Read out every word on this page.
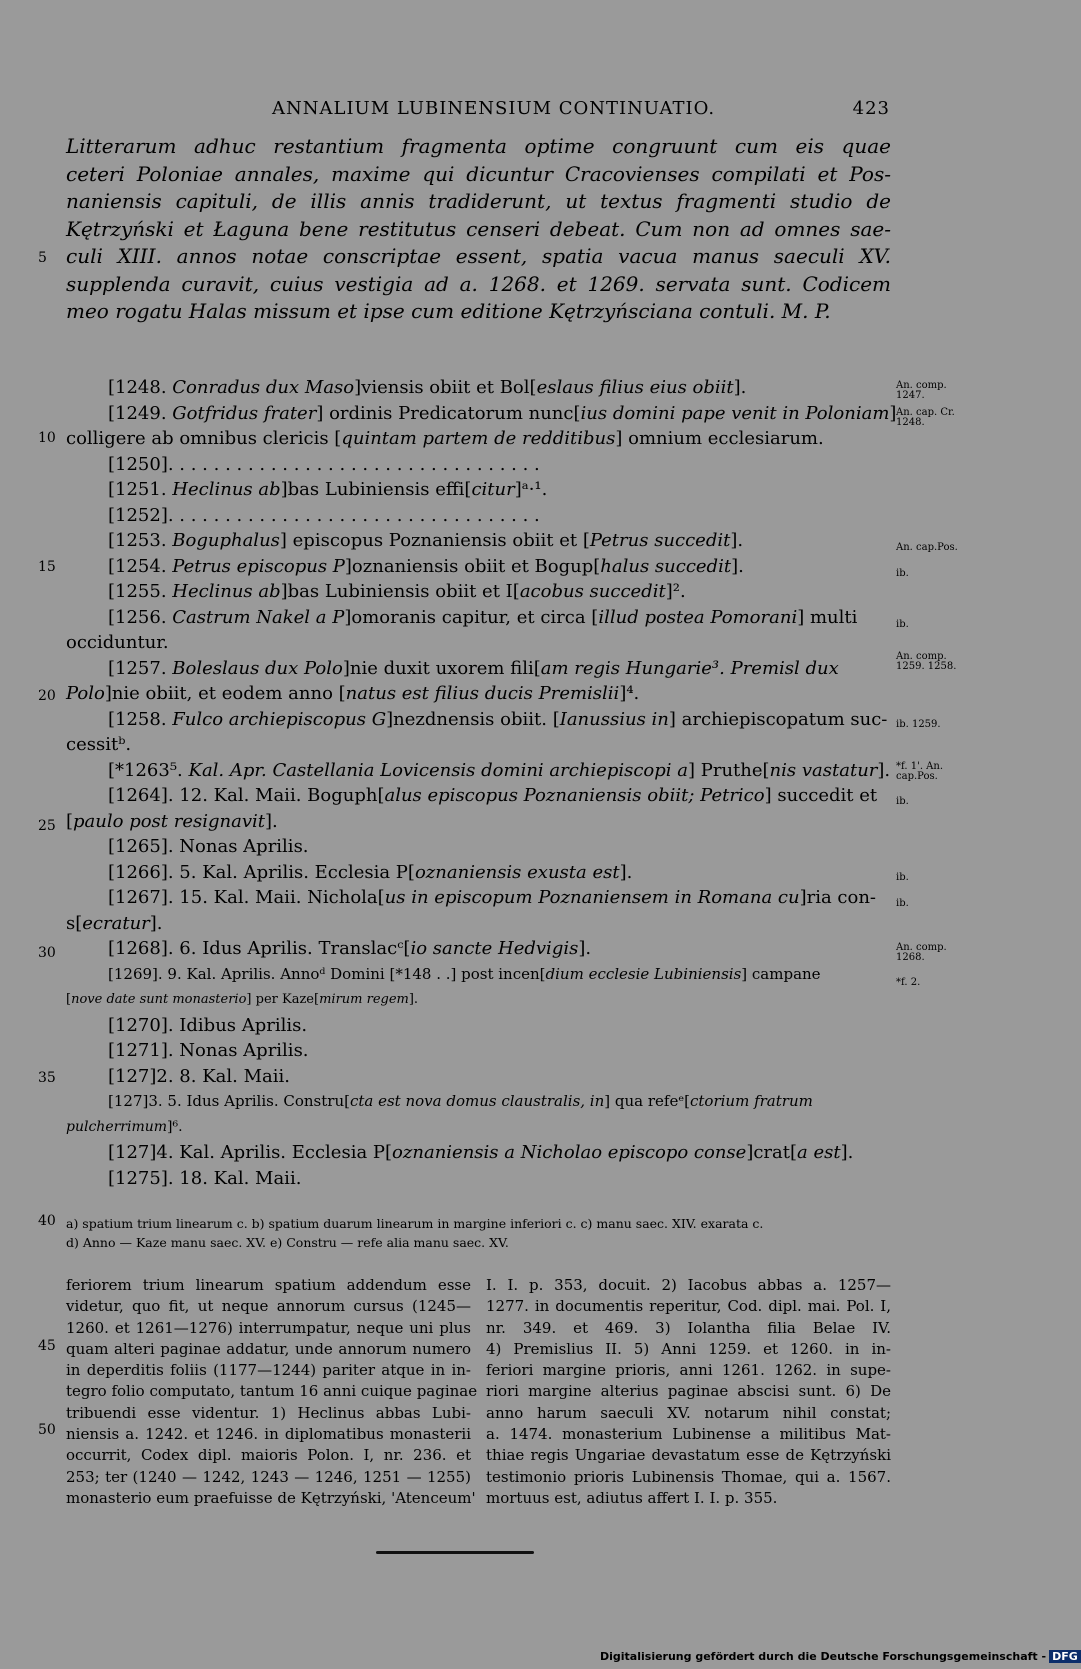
ANNALIUM LUBINENSIUM CONTINUATIO.	423
Litterarum adhuc restantium fragmenta optime congruunt cum eis quae
ceteri Poloniae annales, maxime qui dicuntur Cracovienses compilati et Pos-
naniensis capituli, de illis annis tradiderunt, ut textus fragmenti studio de
Kętrzyński et Łaguna bene restitutus censeri debeat. Cum non ad omnes sae-
culi XIII. annos notae conscriptae essent, spatia vacua manus saeculi XV.
supplenda curavit, cuius vestigia ad a. 1268. et 1269. servata sunt. Codicem
meo rogatu Halas missum et ipse cum editione Kętrzyńsciana contuli. M. P.
5
10
15
20
25
30
35
40
45
50
[1248. Conradus dux Maso]viensis obiit et Bol[eslaus filius eius obiit].
[1249. Gotfridus frater] ordinis Predicatorum nunc[ius domini pape venit in Poloniam]
colligere ab omnibus clericis [quintam partem de redditibus] omnium ecclesiarum.
[1250]. . . . . . . . . . . . . . . . . . . . . . . . . . . . . . . . .
[1251. Heclinus ab]bas Lubiniensis effi[citur]ᵃ·¹.
[1252]. . . . . . . . . . . . . . . . . . . . . . . . . . . . . . . . .
[1253. Boguphalus] episcopus Poznaniensis obiit et [Petrus succedit].
[1254. Petrus episcopus P]oznaniensis obiit et Bogup[halus succedit].
[1255. Heclinus ab]bas Lubiniensis obiit et I[acobus succedit]².
[1256. Castrum Nakel a P]omoranis capitur, et circa [illud postea Pomorani] multi
occiduntur.
[1257. Boleslaus dux Polo]nie duxit uxorem fili[am regis Hungarie³. Premisl dux
Polo]nie obiit, et eodem anno [natus est filius ducis Premislii]⁴.
[1258. Fulco archiepiscopus G]nezdnensis obiit. [Ianussius in] archiepiscopatum suc-
cessitᵇ.
[*1263⁵. Kal. Apr. Castellania Lovicensis domini archiepiscopi a] Pruthe[nis vastatur].
[1264]. 12. Kal. Maii. Boguph[alus episcopus Poznaniensis obiit; Petrico] succedit et
[paulo post resignavit].
[1265]. Nonas Aprilis.
[1266]. 5. Kal. Aprilis. Ecclesia P[oznaniensis exusta est].
[1267]. 15. Kal. Maii. Nichola[us in episcopum Poznaniensem in Romana cu]ria con-
s[ecratur].
[1268]. 6. Idus Aprilis. Translacᶜ[io sancte Hedvigis].
[1269]. 9. Kal. Aprilis. Annoᵈ Domini [*148 . .] post incen[dium ecclesie Lubiniensis] campane
[nove date sunt monasterio] per Kaze[mirum regem].
[1270]. Idibus Aprilis.
[1271]. Nonas Aprilis.
[127]2. 8. Kal. Maii.
[127]3. 5. Idus Aprilis. Constru[cta est nova domus claustralis, in] qua refeᵉ[ctorium fratrum
pulcherrimum]⁶.
[127]4. Kal. Aprilis. Ecclesia P[oznaniensis a Nicholao episcopo conse]crat[a est].
[1275]. 18. Kal. Maii.
An. comp. 1247.
An. cap. Cr. 1248.
An. cap.Pos.
ib.
ib.
An. comp. 1259. 1258.
ib. 1259.
*f. 1'. An. cap.Pos.
ib.
ib.
ib.
An. comp. 1268.
*f. 2.
a) spatium trium linearum c. b) spatium duarum linearum in margine inferiori c. c) manu saec. XIV. exarata c.
d) Anno — Kaze manu saec. XV. e) Constru — refe alia manu saec. XV.
feriorem trium linearum spatium addendum esse
videtur, quo fit, ut neque annorum cursus (1245—
1260. et 1261—1276) interrumpatur, neque uni plus
quam alteri paginae addatur, unde annorum numero
in deperditis foliis (1177—1244) pariter atque in in-
tegro folio computato, tantum 16 anni cuique paginae
tribuendi esse videntur. 1) Heclinus abbas Lubi-
niensis a. 1242. et 1246. in diplomatibus monasterii
occurrit, Codex dipl. maioris Polon. I, nr. 236. et
253; ter (1240 — 1242, 1243 — 1246, 1251 — 1255)
monasterio eum praefuisse de Kętrzyński, 'Atenceum'
I. I. p. 353, docuit. 2) Iacobus abbas a. 1257—
1277. in documentis reperitur, Cod. dipl. mai. Pol. I,
nr. 349. et 469. 3) Iolantha filia Belae IV.
4) Premislius II. 5) Anni 1259. et 1260. in in-
feriori margine prioris, anni 1261. 1262. in supe-
riori margine alterius paginae abscisi sunt. 6) De
anno harum saeculi XV. notarum nihil constat;
a. 1474. monasterium Lubinense a militibus Mat-
thiae regis Ungariae devastatum esse de Kętrzyński
testimonio prioris Lubinensis Thomae, qui a. 1567.
mortuus est, adiutus affert I. I. p. 355.
Digitalisierung gefördert durch die Deutsche Forschungsgemeinschaft - DFG
